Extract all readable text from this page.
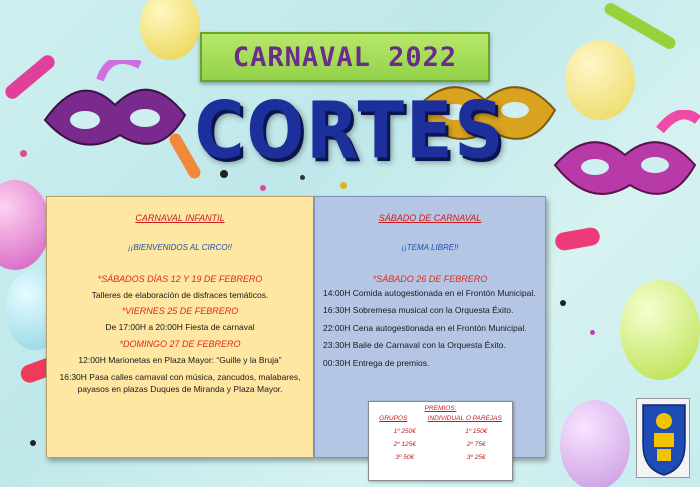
CARNAVAL 2022
CORTES
CARNAVAL INFANTIL
¡¡BIENVENIDOS AL CIRCO!!
*SÁBADOS DÍAS 12 Y 19 DE FEBRERO
Talleres de elaboración de disfraces temáticos.
*VIERNES 25 DE FEBRERO
De 17:00H a 20:00H Fiesta de carnaval
*DOMINGO 27 DE FEBRERO
12:00H Marionetas en Plaza Mayor: “Guille y la Bruja”
16:30H Pasa calles carnaval con música, zancudos, malabares, payasos en plazas Duques de Miranda y Plaza Mayor.
SÁBADO DE CARNAVAL
¡¡TEMA LIBRE!!
*SÁBADO 26 DE FEBRERO
14:00H Comida autogestionada en el Frontón Municipal.
16:30H Sobremesa musical con la Orquesta Éxito.
22:00H Cena autogestionada en el Frontón Municipal.
23:30H Baile de Carnaval con la Orquesta Éxito.
00:30H Entrega de premios.
PREMIOS:
GRUPOS	INDIVIDUAL O PAREJAS
1º 250€	1º 150€
2º 125€	2º 75€
3º 50€	3º 25€
